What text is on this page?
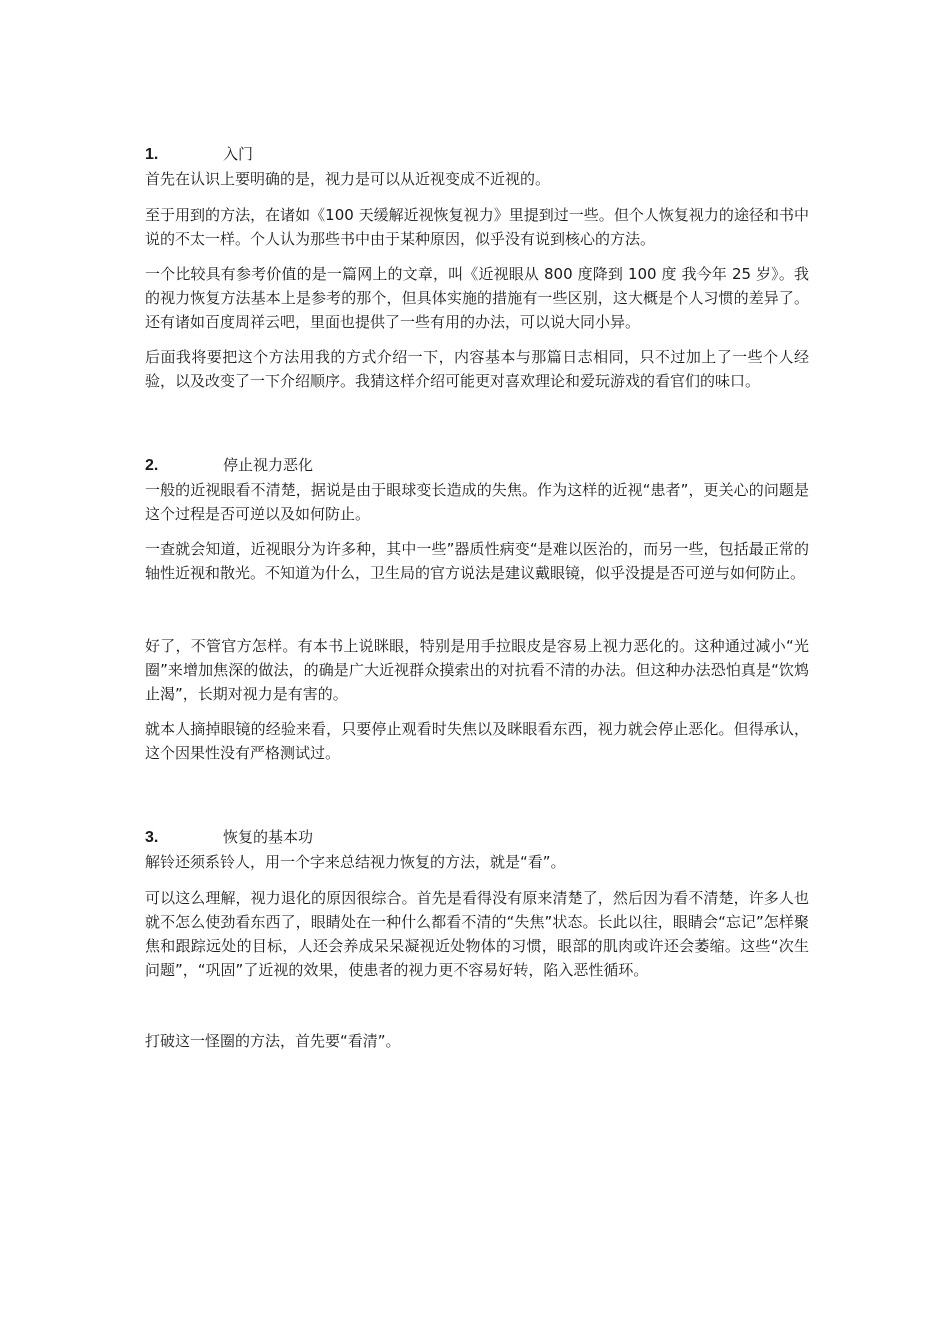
1.	入门

首先在认识上要明确的是，视力是可以从近视变成不近视的。

至于用到的方法，在诸如《100 天缓解近视恢复视力》里提到过一些。但个人恢复视力的途径和书中说的不太一样。个人认为那些书中由于某种原因，似乎没有说到核心的方法。

一个比较具有参考价值的是一篇网上的文章，叫《近视眼从 800 度降到 100 度 我今年 25 岁》。我的视力恢复方法基本上是参考的那个，但具体实施的措施有一些区别，这大概是个人习惯的差异了。还有诸如百度周祥云吧，里面也提供了一些有用的办法，可以说大同小异。

后面我将要把这个方法用我的方式介绍一下，内容基本与那篇日志相同，只不过加上了一些个人经验，以及改变了一下介绍顺序。我猜这样介绍可能更对喜欢理论和爱玩游戏的看官们的味口。

2.	停止视力恶化

一般的近视眼看不清楚，据说是由于眼球变长造成的失焦。作为这样的近视“患者”，更关心的问题是这个过程是否可逆以及如何防止。

一查就会知道，近视眼分为许多种，其中一些”器质性病变“是难以医治的，而另一些，包括最正常的轴性近视和散光。不知道为什么，卫生局的官方说法是建议戴眼镜，似乎没提是否可逆与如何防止。

好了，不管官方怎样。有本书上说眯眼，特别是用手拉眼皮是容易上视力恶化的。这种通过减小“光圈”来增加焦深的做法，的确是广大近视群众摸索出的对抗看不清的办法。但这种办法恐怕真是“饮鸩止渴”，长期对视力是有害的。

就本人摘掉眼镜的经验来看，只要停止观看时失焦以及眯眼看东西，视力就会停止恶化。但得承认，这个因果性没有严格测试过。

3.	恢复的基本功

解铃还须系铃人，用一个字来总结视力恢复的方法，就是“看”。

可以这么理解，视力退化的原因很综合。首先是看得没有原来清楚了，然后因为看不清楚，许多人也就不怎么使劲看东西了，眼睛处在一种什么都看不清的“失焦”状态。长此以往，眼睛会“忘记”怎样聚焦和跟踪远处的目标，人还会养成呆呆凝视近处物体的习惯，眼部的肌肉或许还会萎缩。这些“次生问题”，“巩固”了近视的效果，使患者的视力更不容易好转，陷入恶性循环。

打破这一怪圈的方法，首先要“看清”。
